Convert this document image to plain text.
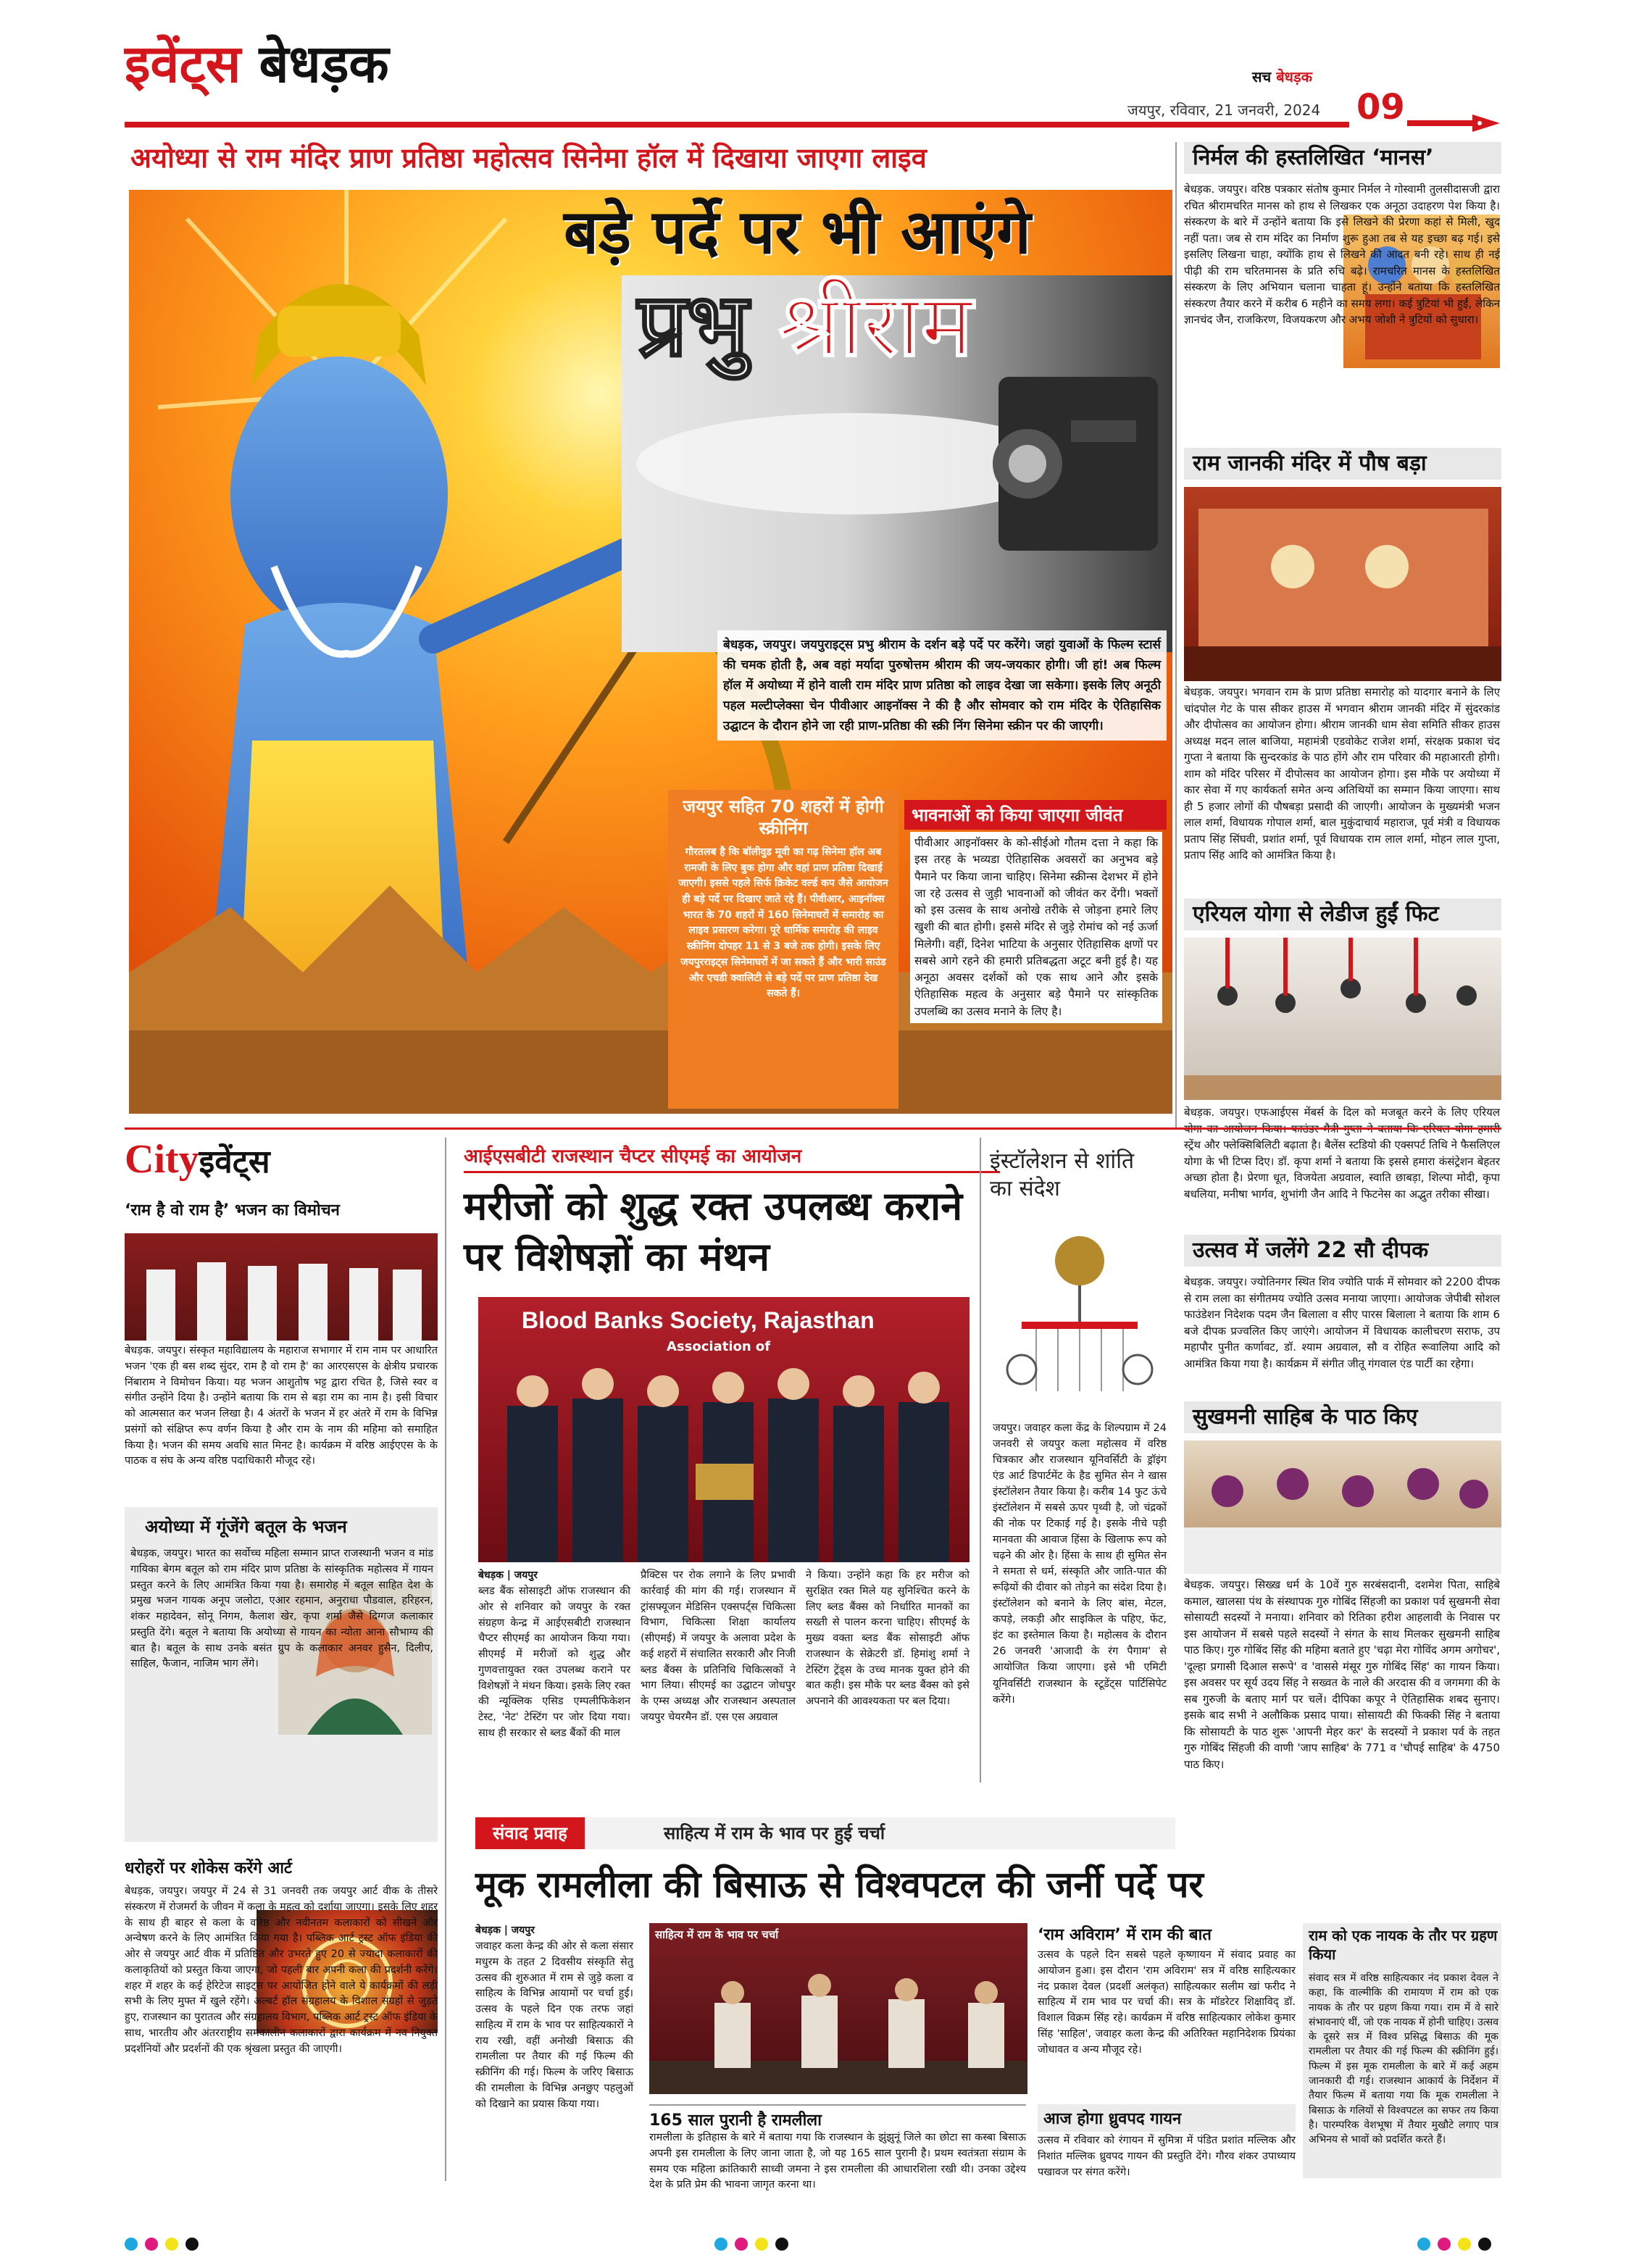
इवेंट्स बेधड़क	सच बेधड़क
जयपुर, रविवार, 21 जनवरी, 2024 09
अयोध्या से राम मंदिर प्राण प्रतिष्ठा महोत्सव सिनेमा हॉल में दिखाया जाएगा लाइव
बड़े पर्दे पर भी आएंगे
प्रभु श्रीराम
बेधड़क, जयपुर। जयपुराइट्स प्रभु श्रीराम के दर्शन बड़े पर्दे पर करेंगे। जहां युवाओं के फिल्म स्टार्स की चमक होती है, अब वहां मर्यादा पुरुषोत्तम श्रीराम की जय-जयकार होगी। जी हां! अब फिल्म हॉल में अयोध्या में होने वाली राम मंदिर प्राण प्रतिष्ठा को लाइव देखा जा सकेगा। इसके लिए अनूठी पहल मल्टीप्लेक्सा चेन पीवीआर आइनॉक्स ने की है और सोमवार को राम मंदिर के ऐतिहासिक उद्घाटन के दौरान होने जा रही प्राण-प्रतिष्ठा की स्क्री निंग सिनेमा स्क्रीन पर की जाएगी।
जयपुर सहित 70 शहरों में होगी स्क्रीनिंग
गौरतलब है कि बॉलीवुड मूवी का गढ़ सिनेमा हॉल अब रामजी के लिए बुक होगा और वहां प्राण प्रतिष्ठा दिखाई जाएगी। इससे पहले सिर्फ क्रिकेट वर्ल्ड कप जैसे आयोजन ही बड़े पर्दे पर दिखाए जाते रहे हैं। पीवीआर, आइनॉक्स भारत के 70 शहरों में 160 सिनेमाघरों में समारोह का लाइव प्रसारण करेगा। पूरे धार्मिक समारोह की लाइव स्क्रीनिंग दोपहर 11 से 3 बजे तक होगी। इसके लिए जयपुरराइट्स सिनेमाघरों में जा सकते हैं और भारी साउंड और एचडी क्वालिटी से बड़े पर्दे पर प्राण प्रतिष्ठा देख सकते हैं।
भावनाओं को किया जाएगा जीवंत
पीवीआर आइनॉक्सर के को-सीईओ गौतम दत्ता ने कहा कि इस तरह के भव्यडा ऐतिहासिक अवसरों का अनुभव बड़े पैमाने पर किया जाना चाहिए। सिनेमा स्क्रीन्स देशभर में होने जा रहे उत्सव से जुड़ी भावनाओं को जीवंत कर देंगी। भक्तों को इस उत्सव के साथ अनोखे तरीके से जोड़ना हमारे लिए खुशी की बात होगी। इससे मंदिर से जुड़े रोमांच को नई ऊर्जा मिलेगी। वहीं, दिनेश भाटिया के अनुसार ऐतिहासिक क्षणों पर सबसे आगे रहने की हमारी प्रतिबद्धता अटूट बनी हुई है। यह अनूठा अवसर दर्शकों को एक साथ आने और इसके ऐतिहासिक महत्व के अनुसार बड़े पैमाने पर सांस्कृतिक उपलब्धि का उत्सव मनाने के लिए है।
निर्मल की हस्तलिखित ‘मानस’
बेधड़क. जयपुर। वरिष्ठ पत्रकार संतोष कुमार निर्मल ने गोस्वामी तुलसीदासजी द्वारा रचित श्रीरामचरित मानस को हाथ से लिखकर एक अनूठा उदाहरण पेश किया है। संस्करण के बारे में उन्होंने बताया कि इसे लिखने की प्रेरणा कहां से मिली, खुद नहीं पता। जब से राम मंदिर का निर्माण शुरू हुआ तब से यह इच्छा बढ़ गई। इसे इसलिए लिखना चाहा, क्योंकि हाथ से लिखने की आदत बनी रहे। साथ ही नई पीढ़ी की राम चरितमानस के प्रति रुचि बढ़े। रामचरित मानस के हस्तलिखित संस्करण के लिए अभियान चलाना चाहता हूं। उन्होंने बताया कि हस्तलिखित संस्करण तैयार करने में करीब 6 महीने का समय लगा। कई त्रुटियां भी हुईं, लेकिन ज्ञानचंद जैन, राजकिरण, विजयकरण और अभय जोशी ने त्रुटियों को सुधारा।
राम जानकी मंदिर में पौष बड़ा
बेधड़क. जयपुर। भगवान राम के प्राण प्रतिष्ठा समारोह को यादगार बनाने के लिए चांदपोल गेट के पास सीकर हाउस में भगवान श्रीराम जानकी मंदिर में सुंदरकांड और दीपोत्सव का आयोजन होगा। श्रीराम जानकी धाम सेवा समिति सीकर हाउस अध्यक्ष मदन लाल बाजिया, महामंत्री एडवोकेट राजेश शर्मा, संरक्षक प्रकाश चंद गुप्ता ने बताया कि सुन्दरकांड के पाठ होंगे और राम परिवार की महाआरती होगी। शाम को मंदिर परिसर में दीपोत्सव का आयोजन होगा। इस मौके पर अयोध्या में कार सेवा में गए कार्यकर्ता समेत अन्य अतिथियों का सम्मान किया जाएगा। साथ ही 5 हजार लोगों की पौषबड़ा प्रसादी की जाएगी। आयोजन के मुख्यमंत्री भजन लाल शर्मा, विधायक गोपाल शर्मा, बाल मुकुंदाचार्य महाराज, पूर्व मंत्री व विधायक प्रताप सिंह सिंघवी, प्रशांत शर्मा, पूर्व विधायक राम लाल शर्मा, मोहन लाल गुप्ता, प्रताप सिंह आदि को आमंत्रित किया है।
एरियल योगा से लेडीज हुईं फिट
बेधड़क. जयपुर। एफआईएस मेंबर्स के दिल को मजबूत करने के लिए एरियल स्ट्रेंथ और फ्लेक्सिबिलिटी बढ़ाता है। बैलेंस स्टडियो की एक्सपर्ट तिथि ने फैसलिएल योगा के भी टिप्स दिए। डॉ. कृपा शर्मा ने बताया कि इससे हमारा कंसंट्रेशन बेहतर अच्छा होता है। प्रेरणा धूत, विजयेता अग्रवाल, स्वाति छाबड़ा, शिल्पा मोदी, कृपा बधलिया, मनीषा भार्गव, शुभांगी जैन आदि ने फिटनेस का अद्भुत तरीका सीखा।
उत्सव में जलेंगे 22 सौ दीपक
बेधड़क. जयपुर। ज्योतिनगर स्थित शिव ज्योति पार्क में सोमवार को 2200 दीपक से राम लला का संगीतमय ज्योति उत्सव मनाया जाएगा। आयोजक जेपीबी सोशल फाउंडेशन निदेशक पदम जैन बिलाला व सीए पारस बिलाला ने बताया कि शाम 6 बजे दीपक प्रज्वलित किए जाएंगे। आयोजन में विधायक कालीचरण सराफ, उप महापौर पुनीत कर्णावट, डॉ. श्याम अग्रवाल, सौ व रोहित रूवालिया आदि को आमंत्रित किया गया है। कार्यक्रम में संगीत जीतू गंगवाल एंड पार्टी का रहेगा।
सुखमनी साहिब के पाठ किए
बेधड़क. जयपुर। सिख्ख धर्म के 10वें गुरु सरबंसदानी, दशमेश पिता, साहिबे कमाल, खालसा पंथ के संस्थापक गुरु गोबिंद सिंहजी का प्रकाश पर्व सुखमनी सेवा सोसायटी सदस्यों ने मनाया। शनिवार को रितिका हरीश आहलावी के निवास पर इस आयोजन में सबसे पहले सदस्यों ने संगत के साथ मिलकर सुखमनी साहिब पाठ किए। गुरु गोबिंद सिंह की महिमा बताते हुए 'चढ़ा मेरा गोविंद अगम अगोचर', 'दूल्हा प्रगासी दिआल सरूपे' व 'वाससे मंसूर गुरु गोबिंद सिंह' का गायन किया। इस अवसर पर सूर्य उदय सिंह ने सख्वत के नाले की अरदास की व जगमगा की के सब गुरुजी के बताए मार्ग पर चलें। दीपिका कपूर ने ऐतिहासिक शबद सुनाए। इसके बाद सभी ने अलौकिक प्रसाद पाया। सोसायटी की फिक्की सिंह ने बताया कि सोसायटी के पाठ शुरू 'आपनी मेहर कर' के सदस्यों ने प्रकाश पर्व के तहत गुरु गोबिंद सिंहजी की वाणी 'जाप साहिब' के 771 व 'चौपई साहिब' के 4750 पाठ किए।
Cityइवेंट्स
‘राम है वो राम है’ भजन का विमोचन
बेधड़क. जयपुर। संस्कृत महाविद्यालय के महाराज सभागार में राम नाम पर आधारित भजन 'एक ही बस शब्द सुंदर, राम है वो राम है' का आरएसएस के क्षेत्रीय प्रचारक निंबाराम ने विमोचन किया। यह भजन आशुतोष भट्ट द्वारा रचित है, जिसे स्वर व संगीत उन्होंने दिया है। उन्होंने बताया कि राम से बड़ा राम का नाम है। इसी विचार को आत्मसात कर भजन लिखा है। 4 अंतरों के भजन में हर अंतरे में राम के विभिन्न प्रसंगों को संक्षिप्त रूप वर्णन किया है और राम के नाम की महिमा को समाहित किया है। भजन की समय अवधि सात मिनट है। कार्यक्रम में वरिष्ठ आईएएस के के पाठक व संघ के अन्य वरिष्ठ पदाधिकारी मौजूद रहे।
अयोध्या में गूंजेंगे बतूल के भजन
बेधड़क, जयपुर। भारत का सर्वोच्च महिला सम्मान प्राप्त राजस्थानी भजन व मांड गायिका बेगम बतूल को राम मंदिर प्राण प्रतिष्ठा के सांस्कृतिक महोत्सव में गायन प्रस्तुत करने के लिए आमंत्रित किया गया है। समारोह में बतूल साहित देश के प्रमुख भजन गायक अनूप जलोटा, एआर रहमान, अनुराधा पौडवाल, हरिहरन, शंकर महादेवन, सोनू निगम, कैलाश खेर, कृपा शर्मा जैसे दिग्गज कलाकार प्रस्तुति देंगे। बतूल ने बताया कि अयोध्या से गायन का न्योता आना सौभाग्य की बात है। बतूल के साथ उनके बसंत ग्रुप के कलाकार अनवर हुसैन, दिलीप, साहिल, फैजान, नाजिम भाग लेंगे।
धरोहरों पर शोकेस करेंगे आर्ट
बेधड़क, जयपुर। जयपुर में 24 से 31 जनवरी तक जयपुर आर्ट वीक के तीसरे संस्करण में रोजमर्रा के जीवन में कला के महत्व को दर्शाया जाएगा। इसके लिए शहर के साथ ही बाहर से कला के वरिष्ठ और नवीनतम कलाकारों को सीखने और अन्वेषण करने के लिए आमंत्रित किया गया है। पब्लिक आर्ट ट्रस्ट ऑफ इंडिया की ओर से जयपुर आर्ट वीक में प्रतिष्ठित और उभरते हुए 20 से ज्यादा कलाकारों की कलाकृतियों को प्रस्तुत किया जाएगा, जो पहली बार अपनी कला की प्रदर्शनी करेंगे। शहर में शहर के कई हेरिटेज साइट्स पर आयोजित होने वाले ये कार्यक्रमों की लड़ी सभी के लिए मुफ्त में खुले रहेंगे। अल्बर्ट हॉल संग्रहालय के विशाल संग्रहों से जुड़ते हुए, राजस्थान का पुरातत्व और संग्रहालय विभाग, पब्लिक आर्ट ट्रस्ट ऑफ इंडिया के साथ, भारतीय और अंतरराष्ट्रीय समकालीन कलाकारों द्वारा कार्यक्रम में नव नियुक्त प्रदर्शनियों और प्रदर्शनों की एक श्रृंखला प्रस्तुत की जाएगी।
आईएसबीटी राजस्थान चैप्टर सीएमई का आयोजन
मरीजों को शुद्ध रक्त उपलब्ध कराने पर विशेषज्ञों का मंथन
Association of
Blood Banks Society, Rajasthan
बेधड़क | जयपुर
ब्लड बैंक सोसाइटी ऑफ राजस्थान की ओर से शनिवार को जयपुर के रक्त संग्रहण केन्द्र में आईएसबीटी राजस्थान चैप्टर सीएमई का आयोजन किया गया। सीएमई में मरीजों को शुद्ध और गुणवत्तायुक्त रक्त उपलब्ध कराने पर विशेषज्ञों ने मंथन किया। इसके लिए रक्त की न्यूक्लिक एसिड एम्पलीफिकेशन टेस्ट, 'नेट' टेस्टिंग पर जोर दिया गया। साथ ही सरकार से ब्लड बैंकों की माल
प्रैक्टिस पर रोक लगाने के लिए प्रभावी कार्रवाई की मांग की गई। राजस्थान में ट्रांसफ्यूजन मेडिसिन एक्सपर्ट्स चिकित्सा विभाग, चिकित्सा शिक्षा कार्यालय (सीएमई) में जयपुर के अलावा प्रदेश के कई शहरों में संचालित सरकारी और निजी ब्लड बैंक्स के प्रतिनिधि चिकित्सकों ने भाग लिया। सीएमई का उद्घाटन जोधपुर के एम्स अध्यक्ष और राजस्थान अस्पताल जयपुर चेयरमैन डॉ. एस एस अग्रवाल
ने किया। उन्होंने कहा कि हर मरीज को सुरक्षित रक्त मिले यह सुनिश्चित करने के लिए ब्लड बैंक्स को निर्धारित मानकों का सख्ती से पालन करना चाहिए। सीएमई के मुख्य वक्ता ब्लड बैंक सोसाइटी ऑफ राजस्थान के सेक्रेटरी डॉ. हिमांशु शर्मा ने टेस्टिंग ट्रेंड्स के उच्च मानक युक्त होने की बात कही। इस मौके पर ब्लड बैंक्स को इसे अपनाने की आवश्यकता पर बल दिया।
इंस्टॉलेशन से शांति का संदेश
जयपुर। जवाहर कला केंद्र के शिल्पग्राम में 24 जनवरी से जयपुर कला महोत्सव में वरिष्ठ चित्रकार और राजस्थान यूनिवर्सिटी के ड्रॉइंग एंड आर्ट डिपार्टमेंट के हैड सुमित सेन ने खास इंस्टॉलेशन तैयार किया है। करीब 14 फुट ऊंचे इंस्टॉलेशन में सबसे ऊपर पृथ्वी है, जो चंद्रकों की नोक पर टिकाई गई है। इसके नीचे पड़ी मानवता की आवाज हिंसा के खिलाफ रूप को चढ़ने की ओर है। हिंसा के साथ ही सुमित सेन ने समता से धर्म, संस्कृति और जाति-पात की रूढ़ियों की दीवार को तोड़ने का संदेश दिया है। इंस्टॉलेशन को बनाने के लिए बांस, मेटल, कपड़े, लकड़ी और साइकिल के पहिए, फेंट, इंट का इस्तेमाल किया है। महोत्सव के दौरान 26 जनवरी 'आजादी के रंग पैगाम' से आयोजित किया जाएगा। इसे भी एमिटी यूनिवर्सिटी राजस्थान के स्टूडेंट्स पार्टिसिपेट करेंगे।
संवाद प्रवाह	साहित्य में राम के भाव पर हुई चर्चा
मूक रामलीला की बिसाऊ से विश्वपटल की जर्नी पर्दे पर
बेधड़क | जयपुर
जवाहर कला केन्द्र की ओर से कला संसार मधुरम के तहत 2 दिवसीय संस्कृति सेतु उत्सव की शुरुआत में राम से जुड़े कला व साहित्य के विभिन्न आयामों पर चर्चा हुई। उत्सव के पहले दिन एक तरफ जहां साहित्य में राम के भाव पर साहित्यकारों ने राय रखी, वहीं अनोखी बिसाऊ की रामलीला पर तैयार की गई फिल्म की स्क्रीनिंग की गई। फिल्म के जरिए बिसाऊ की रामलीला के विभिन्न अनछुए पहलुओं को दिखाने का प्रयास किया गया।
साहित्य में राम के भाव पर चर्चा
165 साल पुरानी है रामलीला
रामलीला के इतिहास के बारे में बताया गया कि राजस्थान के झुंझुनूं जिले का छोटा सा कस्बा बिसाऊ अपनी इस रामलीला के लिए जाना जाता है, जो यह 165 साल पुरानी है। प्रथम स्वतंत्रता संग्राम के समय एक महिला क्रांतिकारी साध्वी जमना ने इस रामलीला की आधारशिला रखी थी। उनका उद्देश्य देश के प्रति प्रेम की भावना जागृत करना था।
‘राम अविराम’ में राम की बात
उत्सव के पहले दिन सबसे पहले कृष्णायन में संवाद प्रवाह का आयोजन हुआ। इस दौरान 'राम अविराम' सत्र में वरिष्ठ साहित्यकार नंद प्रकाश देवल (प्रदर्शी अलंकृत) साहित्यकार सलीम खां फरीद ने साहित्य में राम भाव पर चर्चा की। सत्र के मॉडरेटर शिक्षाविद् डॉ. विशाल विक्रम सिंह रहे। कार्यक्रम में वरिष्ठ साहित्यकार लोकेश कुमार सिंह 'साहिल', जवाहर कला केन्द्र की अतिरिक्त महानिदेशक प्रियंका जोधावत व अन्य मौजूद रहे।
आज होगा ध्रुवपद गायन
उत्सव में रविवार को रंगायन में सुमित्रा में पंडित प्रशांत मल्लिक और निशांत मल्लिक ध्रुवपद गायन की प्रस्तुति देंगे। गौरव शंकर उपाध्याय पखावज पर संगत करेंगे।
राम को एक नायक के तौर पर ग्रहण किया
संवाद सत्र में वरिष्ठ साहित्यकार नंद प्रकाश देवल ने कहा, कि वाल्मीकि की रामायण में राम को एक नायक के तौर पर ग्रहण किया गया। राम में वे सारे संभावनाएं थीं, जो एक नायक में होनी चाहिए। उत्सव के दूसरे सत्र में विश्व प्रसिद्ध बिसाऊ की मूक रामलीला पर तैयार की गई फिल्म की स्क्रीनिंग हुई। फिल्म में इस मूक रामलीला के बारे में कई अहम जानकारी दी गई। राजस्थान आकार्य के निर्देशन में तैयार फिल्म में बताया गया कि मूक रामलीला ने बिसाऊ के गलियों से विश्वपटल का सफर तय किया है। पारम्परिक वेशभूषा में तैयार मुखौटे लगाए पात्र अभिनय से भावों को प्रदर्शित करते हैं।
